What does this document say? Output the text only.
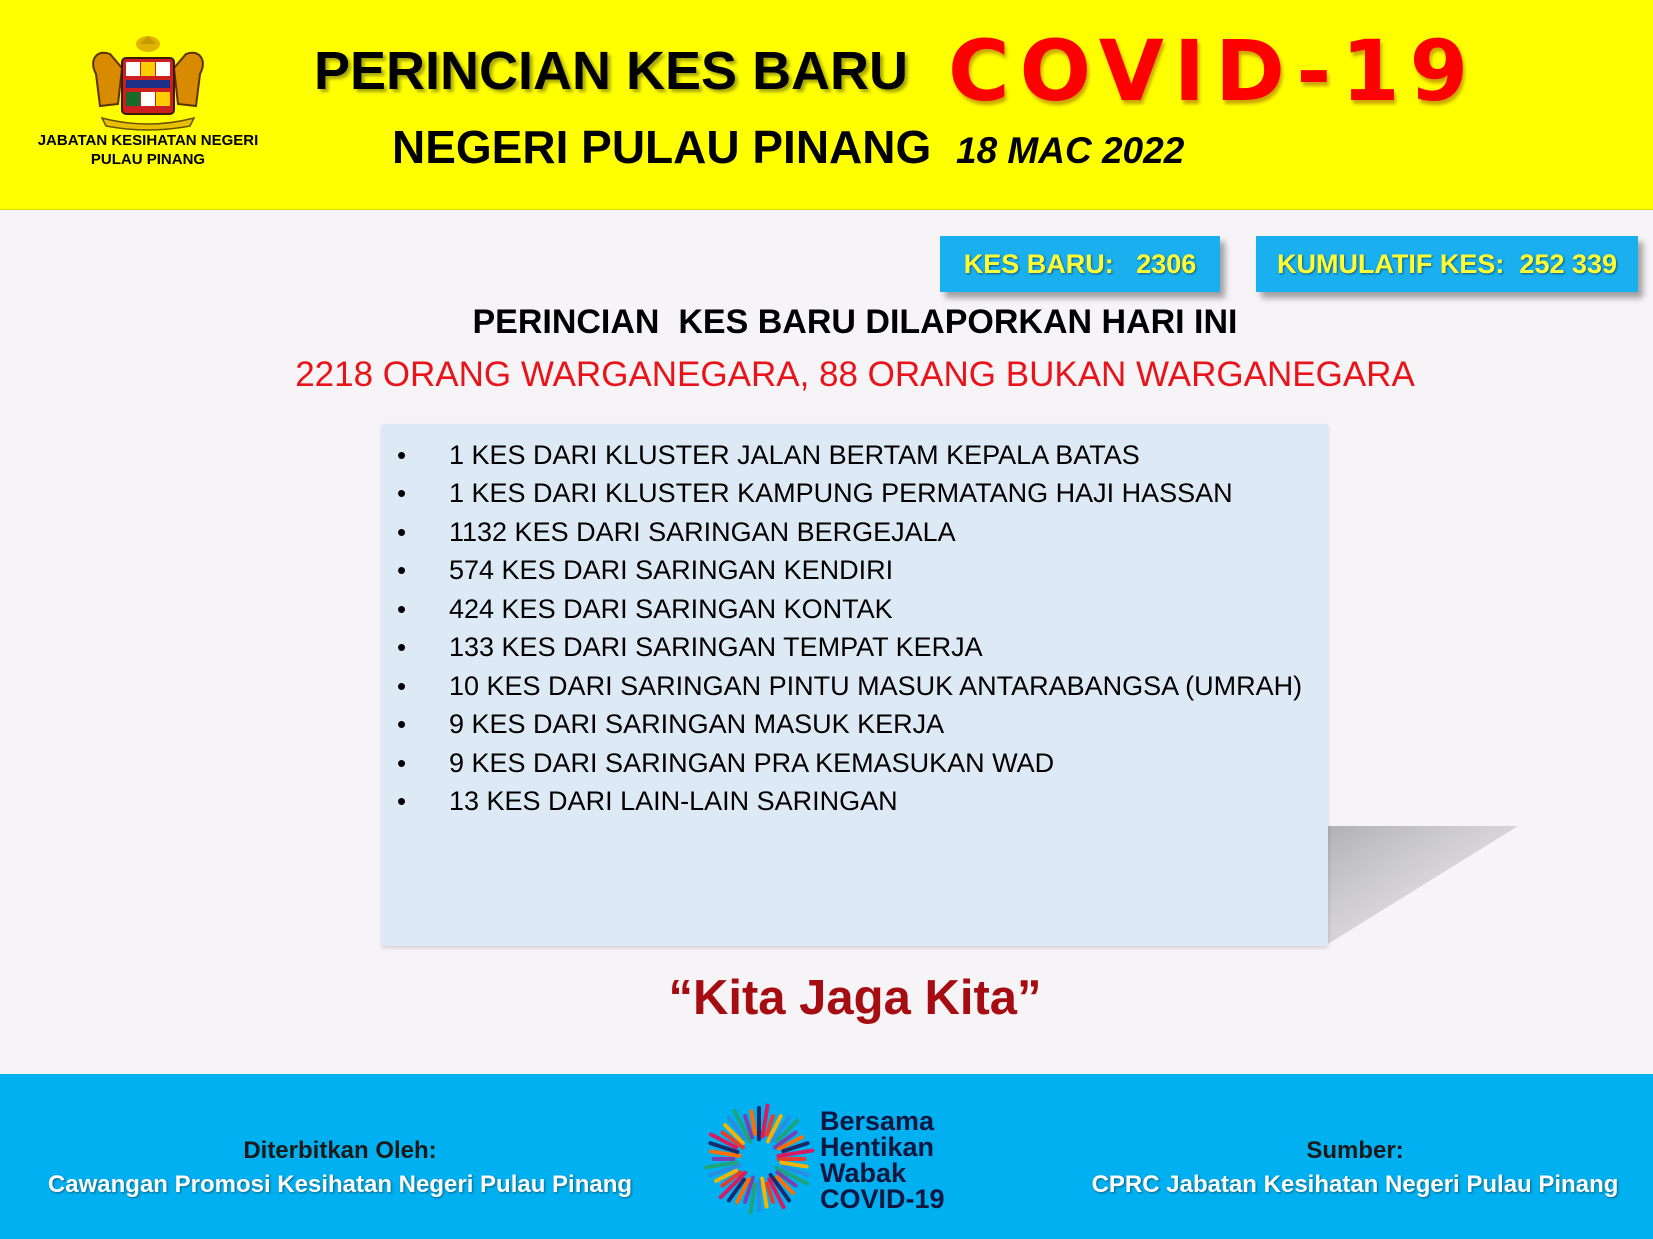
JABATAN KESIHATAN NEGERI PULAU PINANG
PERINCIAN KES BARU COVID-19
NEGERI PULAU PINANG 18 MAC 2022
KES BARU:   2306	KUMULATIF KES:  252 339
PERINCIAN  KES BARU DILAPORKAN HARI INI
2218 ORANG WARGANEGARA, 88 ORANG BUKAN WARGANEGARA
•	1 KES DARI KLUSTER JALAN BERTAM KEPALA BATAS
•	1 KES DARI KLUSTER KAMPUNG PERMATANG HAJI HASSAN
•	1132 KES DARI SARINGAN BERGEJALA
•	574 KES DARI SARINGAN KENDIRI
•	424 KES DARI SARINGAN KONTAK
•	133 KES DARI SARINGAN TEMPAT KERJA
•	10 KES DARI SARINGAN PINTU MASUK ANTARABANGSA (UMRAH)
•	9 KES DARI SARINGAN MASUK KERJA
•	9 KES DARI SARINGAN PRA KEMASUKAN WAD
•	13 KES DARI LAIN-LAIN SARINGAN
“Kita Jaga Kita”
Diterbitkan Oleh:
Cawangan Promosi Kesihatan Negeri Pulau Pinang
Bersama
Hentikan
Wabak
COVID-19
Sumber:
CPRC Jabatan Kesihatan Negeri Pulau Pinang
